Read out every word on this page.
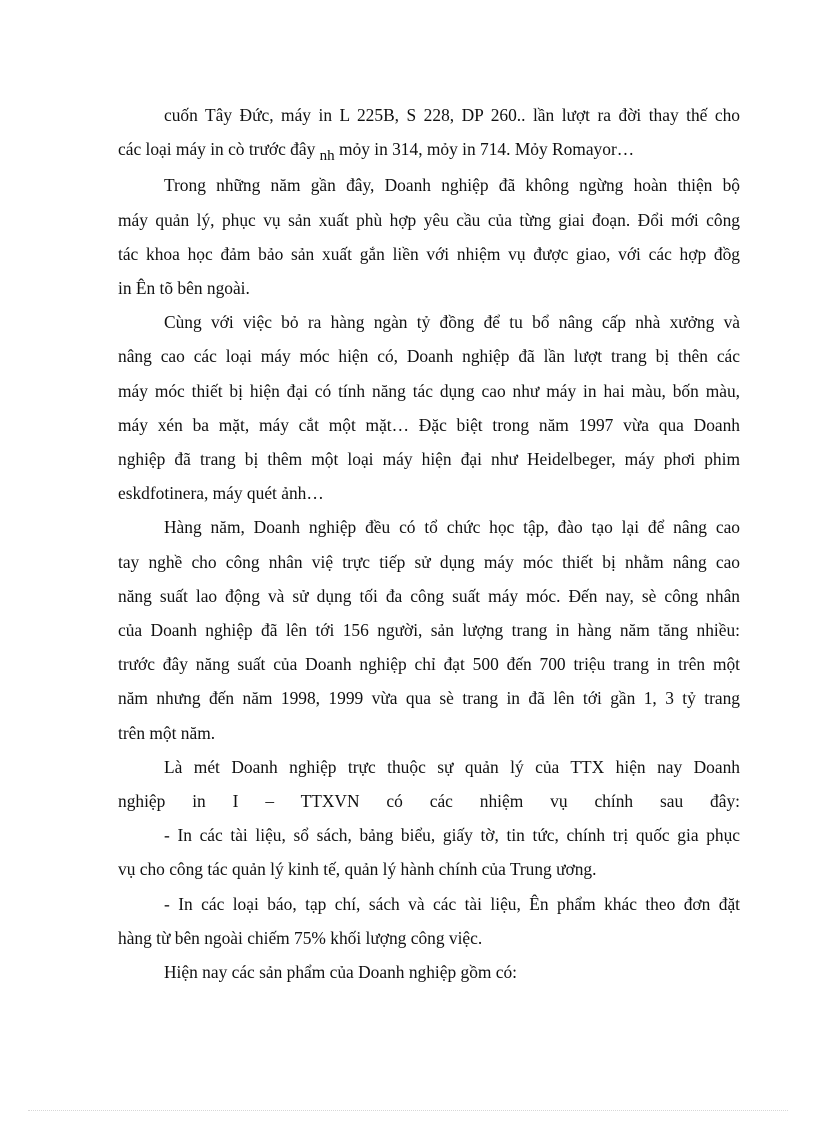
cuốn Tây Đức, máy in L 225B, S 228, DP 260.. lần lượt ra đời thay thế cho
các loại máy in cò trước đây nh mỏy in 314, mỏy in 714. Mỏy Romayor…
Trong những năm gần đây, Doanh nghiệp đã không ngừng hoàn thiện bộ
máy quản lý, phục vụ sản xuất phù hợp yêu cầu của từng giai đoạn. Đổi mới công
tác khoa học đảm bảo sản xuất gắn liền với nhiệm vụ được giao, với các hợp đồg
in Ên tõ bên ngoài.
Cùng với việc bỏ ra hàng ngàn tỷ đồng để tu bổ nâng cấp nhà xưởng và
nâng cao các loại máy móc hiện có, Doanh nghiệp đã lần lượt trang bị thên các
máy móc thiết bị hiện đại có tính năng tác dụng cao như máy in hai màu, bốn màu,
máy xén ba mặt, máy cắt một mặt… Đặc biệt trong năm 1997 vừa qua Doanh
nghiệp đã trang bị thêm một loại máy hiện đại như Heidelbeger, máy phơi phim
eskdfotinera, máy quét ảnh…
Hàng năm, Doanh nghiệp đều có tổ chức học tập, đào tạo lại để nâng cao
tay nghề cho công nhân việ trực tiếp sử dụng máy móc thiết bị nhằm nâng cao
năng suất lao động và sử dụng tối đa công suất máy móc. Đến nay, sè công nhân
của Doanh nghiệp đã lên tới 156 người, sản lượng trang in hàng năm tăng nhiều:
trước đây năng suất của Doanh nghiệp chỉ đạt 500 đến 700 triệu trang in trên một
năm nhưng đến năm 1998, 1999 vừa qua sè trang in đã lên tới gần 1, 3 tỷ trang
trên một năm.
Là mét Doanh nghiệp trực thuộc sự quản lý của TTX hiện nay Doanh
nghiệp in I – TTXVN có các nhiệm vụ chính sau đây:
- In các tài liệu, sổ sách, bảng biểu, giấy tờ, tin tức, chính trị quốc gia phục
vụ cho công tác quản lý kinh tế, quản lý hành chính của Trung ương.
- In các loại báo, tạp chí, sách và các tài liệu, Ên phẩm khác theo đơn đặt
hàng từ bên ngoài chiếm 75% khối lượng công việc.
Hiện nay các sản phẩm của Doanh nghiệp gồm có:
